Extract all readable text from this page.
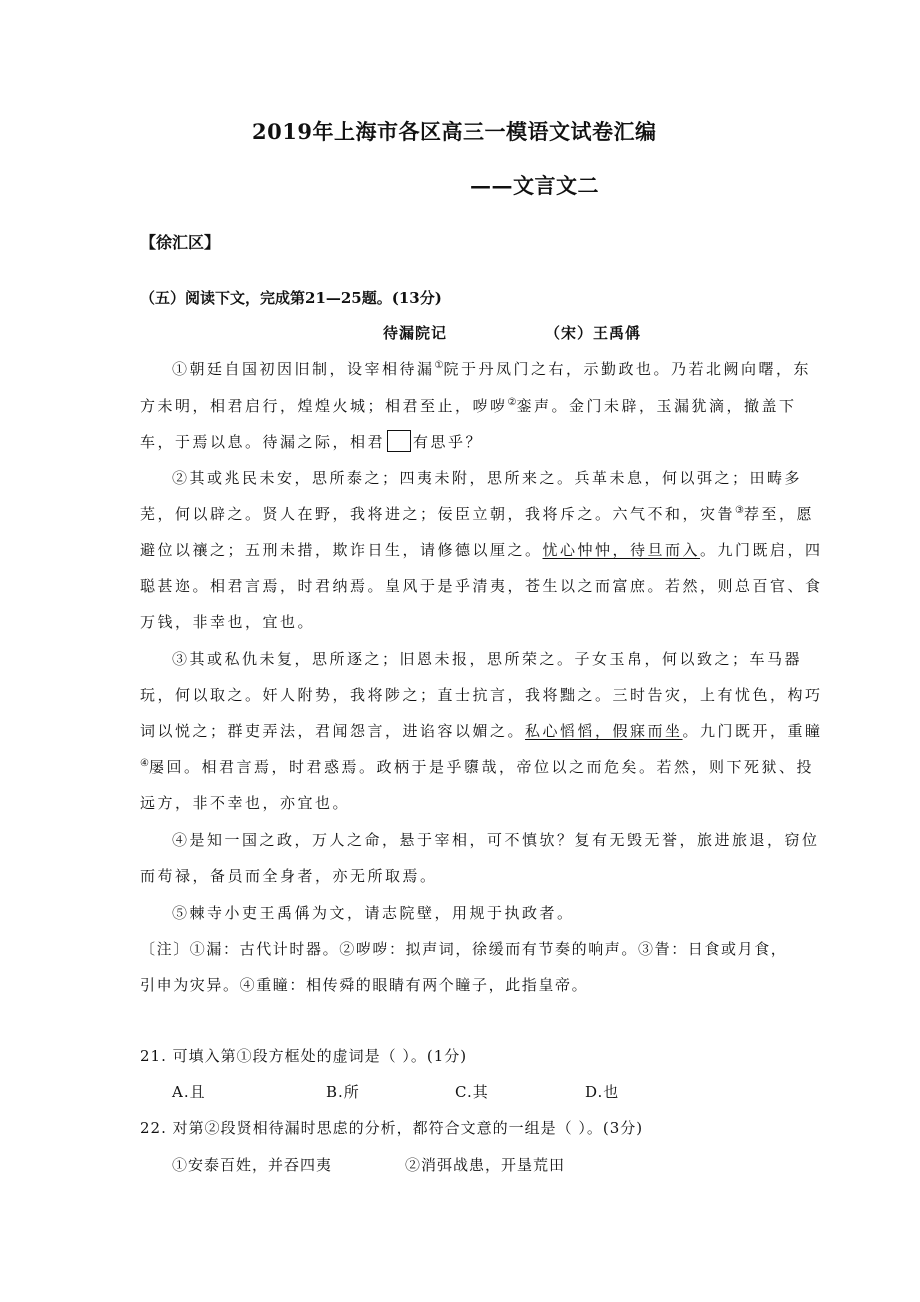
2019年上海市各区高三一模语文试卷汇编
——文言文二
【徐汇区】
（五）阅读下文，完成第21—25题。(13分)
待漏院记	（宋）王禹偁
①朝廷自国初因旧制，设宰相待漏①院于丹凤门之右，示勤政也。乃若北阙向曙，东
方未明，相君启行，煌煌火城；相君至止，哕哕②銮声。金门未辟，玉漏犹滴，撤盖下
车，于焉以息。待漏之际，相君 有思乎？
②其或兆民未安，思所泰之；四夷未附，思所来之。兵革未息，何以弭之；田畴多
芜，何以辟之。贤人在野，我将进之；佞臣立朝，我将斥之。六气不和，灾眚③荐至，愿
避位以禳之；五刑未措，欺诈日生，请修德以厘之。忧心忡忡，待旦而入。九门既启，四
聪甚迩。相君言焉，时君纳焉。皇风于是乎清夷，苍生以之而富庶。若然，则总百官、食
万钱，非幸也，宜也。
③其或私仇未复，思所逐之；旧恩未报，思所荣之。子女玉帛，何以致之；车马器
玩，何以取之。奸人附势，我将陟之；直士抗言，我将黜之。三时告灾，上有忧色，构巧
词以悦之；群吏弄法，君闻怨言，进谄容以媚之。私心慆慆，假寐而坐。九门既开，重瞳
④屡回。相君言焉，时君惑焉。政柄于是乎隳哉，帝位以之而危矣。若然，则下死狱、投
远方，非不幸也，亦宜也。
④是知一国之政，万人之命，悬于宰相，可不慎欤？复有无毁无誉，旅进旅退，窃位
而苟禄，备员而全身者，亦无所取焉。
⑤棘寺小吏王禹偁为文，请志院壁，用规于执政者。
〔注〕①漏：古代计时器。②哕哕：拟声词，徐缓而有节奏的响声。③眚：日食或月食，
引申为灾异。④重瞳：相传舜的眼睛有两个瞳子，此指皇帝。
21. 可填入第①段方框处的虚词是（ ）。(1分)
A.且	B.所	C.其	D.也
22. 对第②段贤相待漏时思虑的分析，都符合文意的一组是（ ）。(3分)
①安泰百姓，并吞四夷	②消弭战患，开垦荒田
